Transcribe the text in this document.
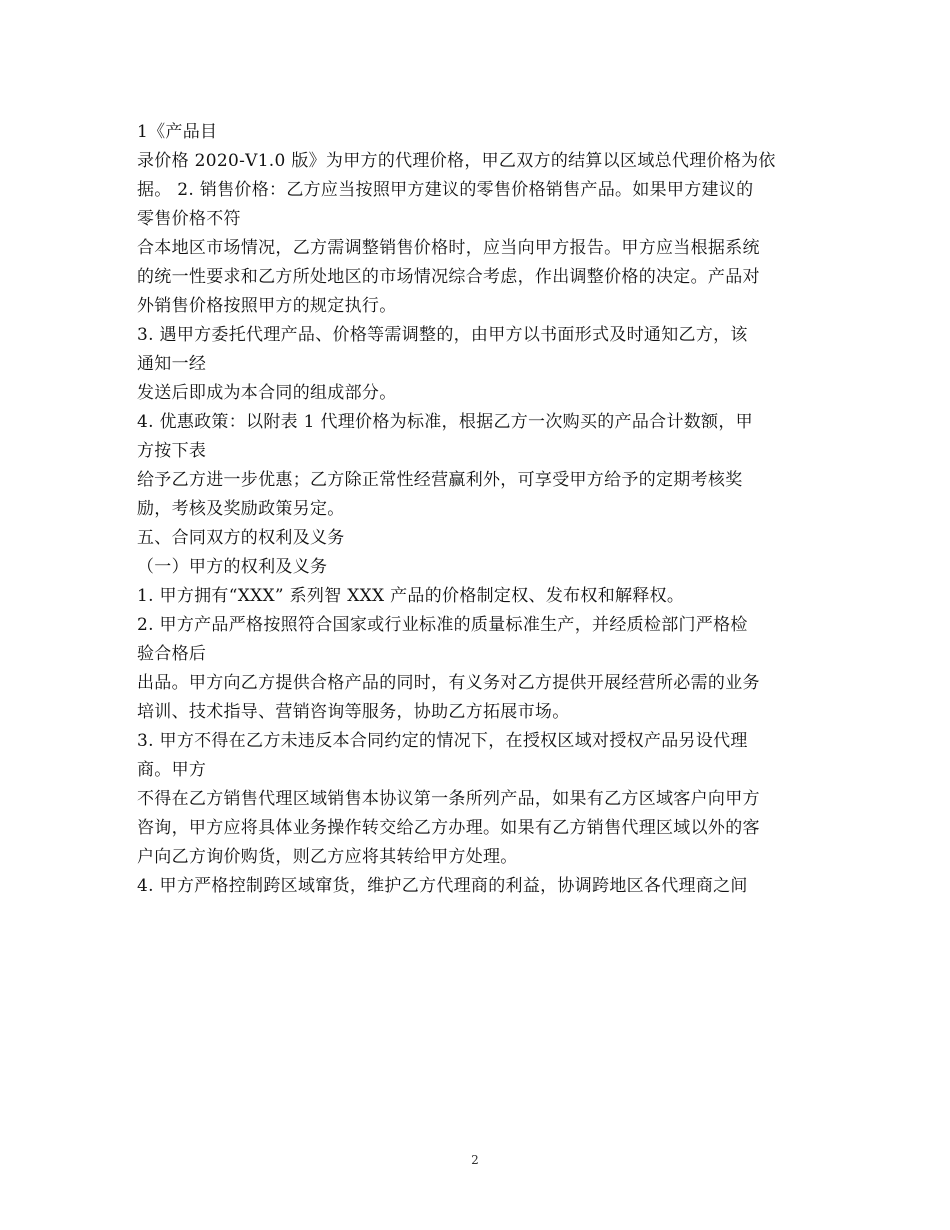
1《产品目
录价格 2020-V1.0 版》为甲方的代理价格，甲乙双方的结算以区域总代理价格为依
据。 2. 销售价格：乙方应当按照甲方建议的零售价格销售产品。如果甲方建议的
零售价格不符
合本地区市场情况，乙方需调整销售价格时，应当向甲方报告。甲方应当根据系统
的统一性要求和乙方所处地区的市场情况综合考虑，作出调整价格的决定。产品对
外销售价格按照甲方的规定执行。
3. 遇甲方委托代理产品、价格等需调整的，由甲方以书面形式及时通知乙方，该
通知一经
发送后即成为本合同的组成部分。
4. 优惠政策：以附表 1 代理价格为标准，根据乙方一次购买的产品合计数额，甲
方按下表
给予乙方进一步优惠；乙方除正常性经营赢利外，可享受甲方给予的定期考核奖
励，考核及奖励政策另定。
五、合同双方的权利及义务
（一）甲方的权利及义务
1. 甲方拥有“XXX” 系列智 XXX 产品的价格制定权、发布权和解释权。
2. 甲方产品严格按照符合国家或行业标准的质量标准生产，并经质检部门严格检
验合格后
出品。甲方向乙方提供合格产品的同时，有义务对乙方提供开展经营所必需的业务
培训、技术指导、营销咨询等服务，协助乙方拓展市场。
3. 甲方不得在乙方未违反本合同约定的情况下，在授权区域对授权产品另设代理
商。甲方
不得在乙方销售代理区域销售本协议第一条所列产品，如果有乙方区域客户向甲方
咨询，甲方应将具体业务操作转交给乙方办理。如果有乙方销售代理区域以外的客
户向乙方询价购货，则乙方应将其转给甲方处理。
4. 甲方严格控制跨区域窜货，维护乙方代理商的利益，协调跨地区各代理商之间
2
